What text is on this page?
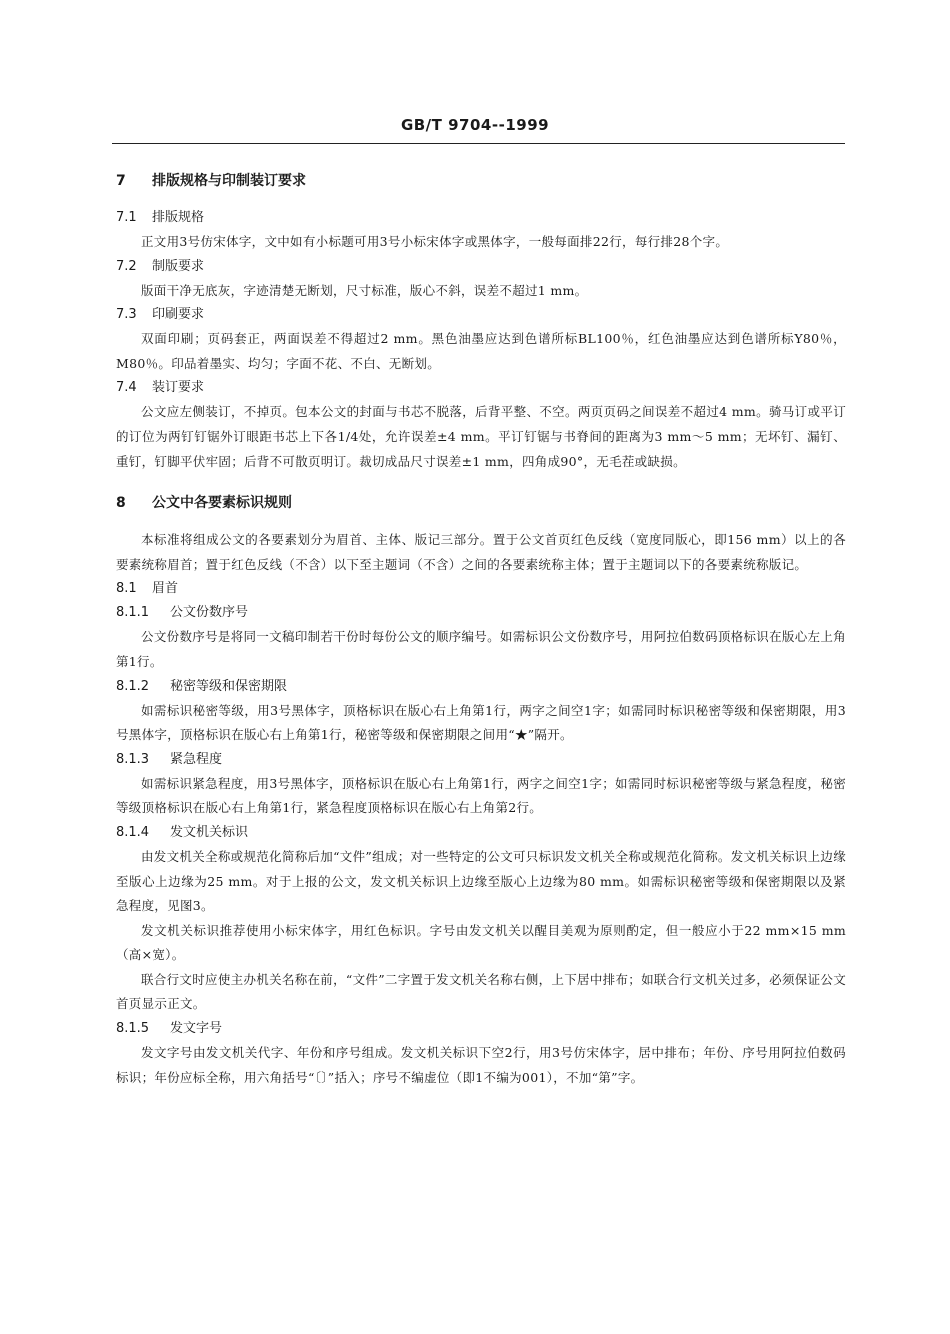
GB/T 9704--1999
7 排版规格与印制装订要求
7.1 排版规格

正文用3号仿宋体字，文中如有小标题可用3号小标宋体字或黑体字，一般每面排22行，每行排28个字。

7.2 制版要求

版面干净无底灰，字迹清楚无断划，尺寸标准，版心不斜，误差不超过1 mm。

7.3 印刷要求

双面印刷；页码套正，两面误差不得超过2 mm。黑色油墨应达到色谱所标BL100％，红色油墨应达到色谱所标Y80％，M80％。印品着墨实、均匀；字面不花、不白、无断划。

7.4 装订要求

公文应左侧装订，不掉页。包本公文的封面与书芯不脱落，后背平整、不空。两页页码之间误差不超过4 mm。骑马订或平订的订位为两钉钉锯外订眼距书芯上下各1/4处，允许误差±4 mm。平订钉锯与书脊间的距离为3 mm～5 mm；无坏钉、漏钉、重钉，钉脚平伏牢固；后背不可散页明订。裁切成品尺寸误差±1 mm，四角成90°，无毛茬或缺损。

8 公文中各要素标识规则

本标准将组成公文的各要素划分为眉首、主体、版记三部分。置于公文首页红色反线（宽度同版心，即156 mm）以上的各要素统称眉首；置于红色反线（不含）以下至主题词（不含）之间的各要素统称主体；置于主题词以下的各要素统称版记。

8.1 眉首
8.1.1 公文份数序号

公文份数序号是将同一文稿印制若干份时每份公文的顺序编号。如需标识公文份数序号，用阿拉伯数码顶格标识在版心左上角第1行。

8.1.2 秘密等级和保密期限

如需标识秘密等级，用3号黑体字，顶格标识在版心右上角第1行，两字之间空1字；如需同时标识秘密等级和保密期限，用3号黑体字，顶格标识在版心右上角第1行，秘密等级和保密期限之间用“★”隔开。

8.1.3 紧急程度

如需标识紧急程度，用3号黑体字，顶格标识在版心右上角第1行，两字之间空1字；如需同时标识秘密等级与紧急程度，秘密等级顶格标识在版心右上角第1行，紧急程度顶格标识在版心右上角第2行。

8.1.4 发文机关标识

由发文机关全称或规范化简称后加“文件”组成；对一些特定的公文可只标识发文机关全称或规范化简称。发文机关标识上边缘至版心上边缘为25 mm。对于上报的公文，发文机关标识上边缘至版心上边缘为80 mm。如需标识秘密等级和保密期限以及紧急程度，见图3。

发文机关标识推荐使用小标宋体字，用红色标识。字号由发文机关以醒目美观为原则酌定，但一般应小于22 mm×15 mm（高×宽）。

联合行文时应使主办机关名称在前，“文件”二字置于发文机关名称右侧，上下居中排布；如联合行文机关过多，必须保证公文首页显示正文。

8.1.5 发文字号

发文字号由发文机关代字、年份和序号组成。发文机关标识下空2行，用3号仿宋体字，居中排布；年份、序号用阿拉伯数码标识；年份应标全称，用六角括号“〔〕”括入；序号不编虚位（即1不编为001），不加“第”字。
